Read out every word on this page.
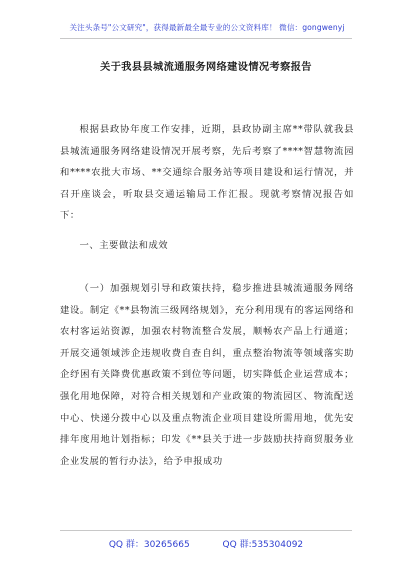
关注头条号"公文研究"，获得最新最全最专业的公文资料库！ 微信：gongwenyj
关于我县县城流通服务网络建设情况考察报告
根据县政协年度工作安排，近期，县政协副主席**带队就我县县城流通服务网络建设情况开展考察，先后考察了****智慧物流园和****农批大市场、**交通综合服务站等项目建设和运行情况，并召开座谈会，听取县交通运输局工作汇报。现就考察情况报告如下：
一、主要做法和成效
（一）加强规划引导和政策扶持，稳步推进县城流通服务网络建设。制定《**县物流三级网络规划》，充分利用现有的客运网络和农村客运站资源，加强农村物流整合发展，顺畅农产品上行通道；开展交通领域涉企违规收费自查自纠，重点整治物流等领域落实助企纾困有关降费优惠政策不到位等问题，切实降低企业运营成本；强化用地保障，对符合相关规划和产业政策的物流园区、物流配送中心、快递分拨中心以及重点物流企业项目建设所需用地，优先安排年度用地计划指标；印发《**县关于进一步鼓励扶持商贸服务业企业发展的暂行办法》，给予申报成功
QQ 群：30265665	QQ 群:535304092
